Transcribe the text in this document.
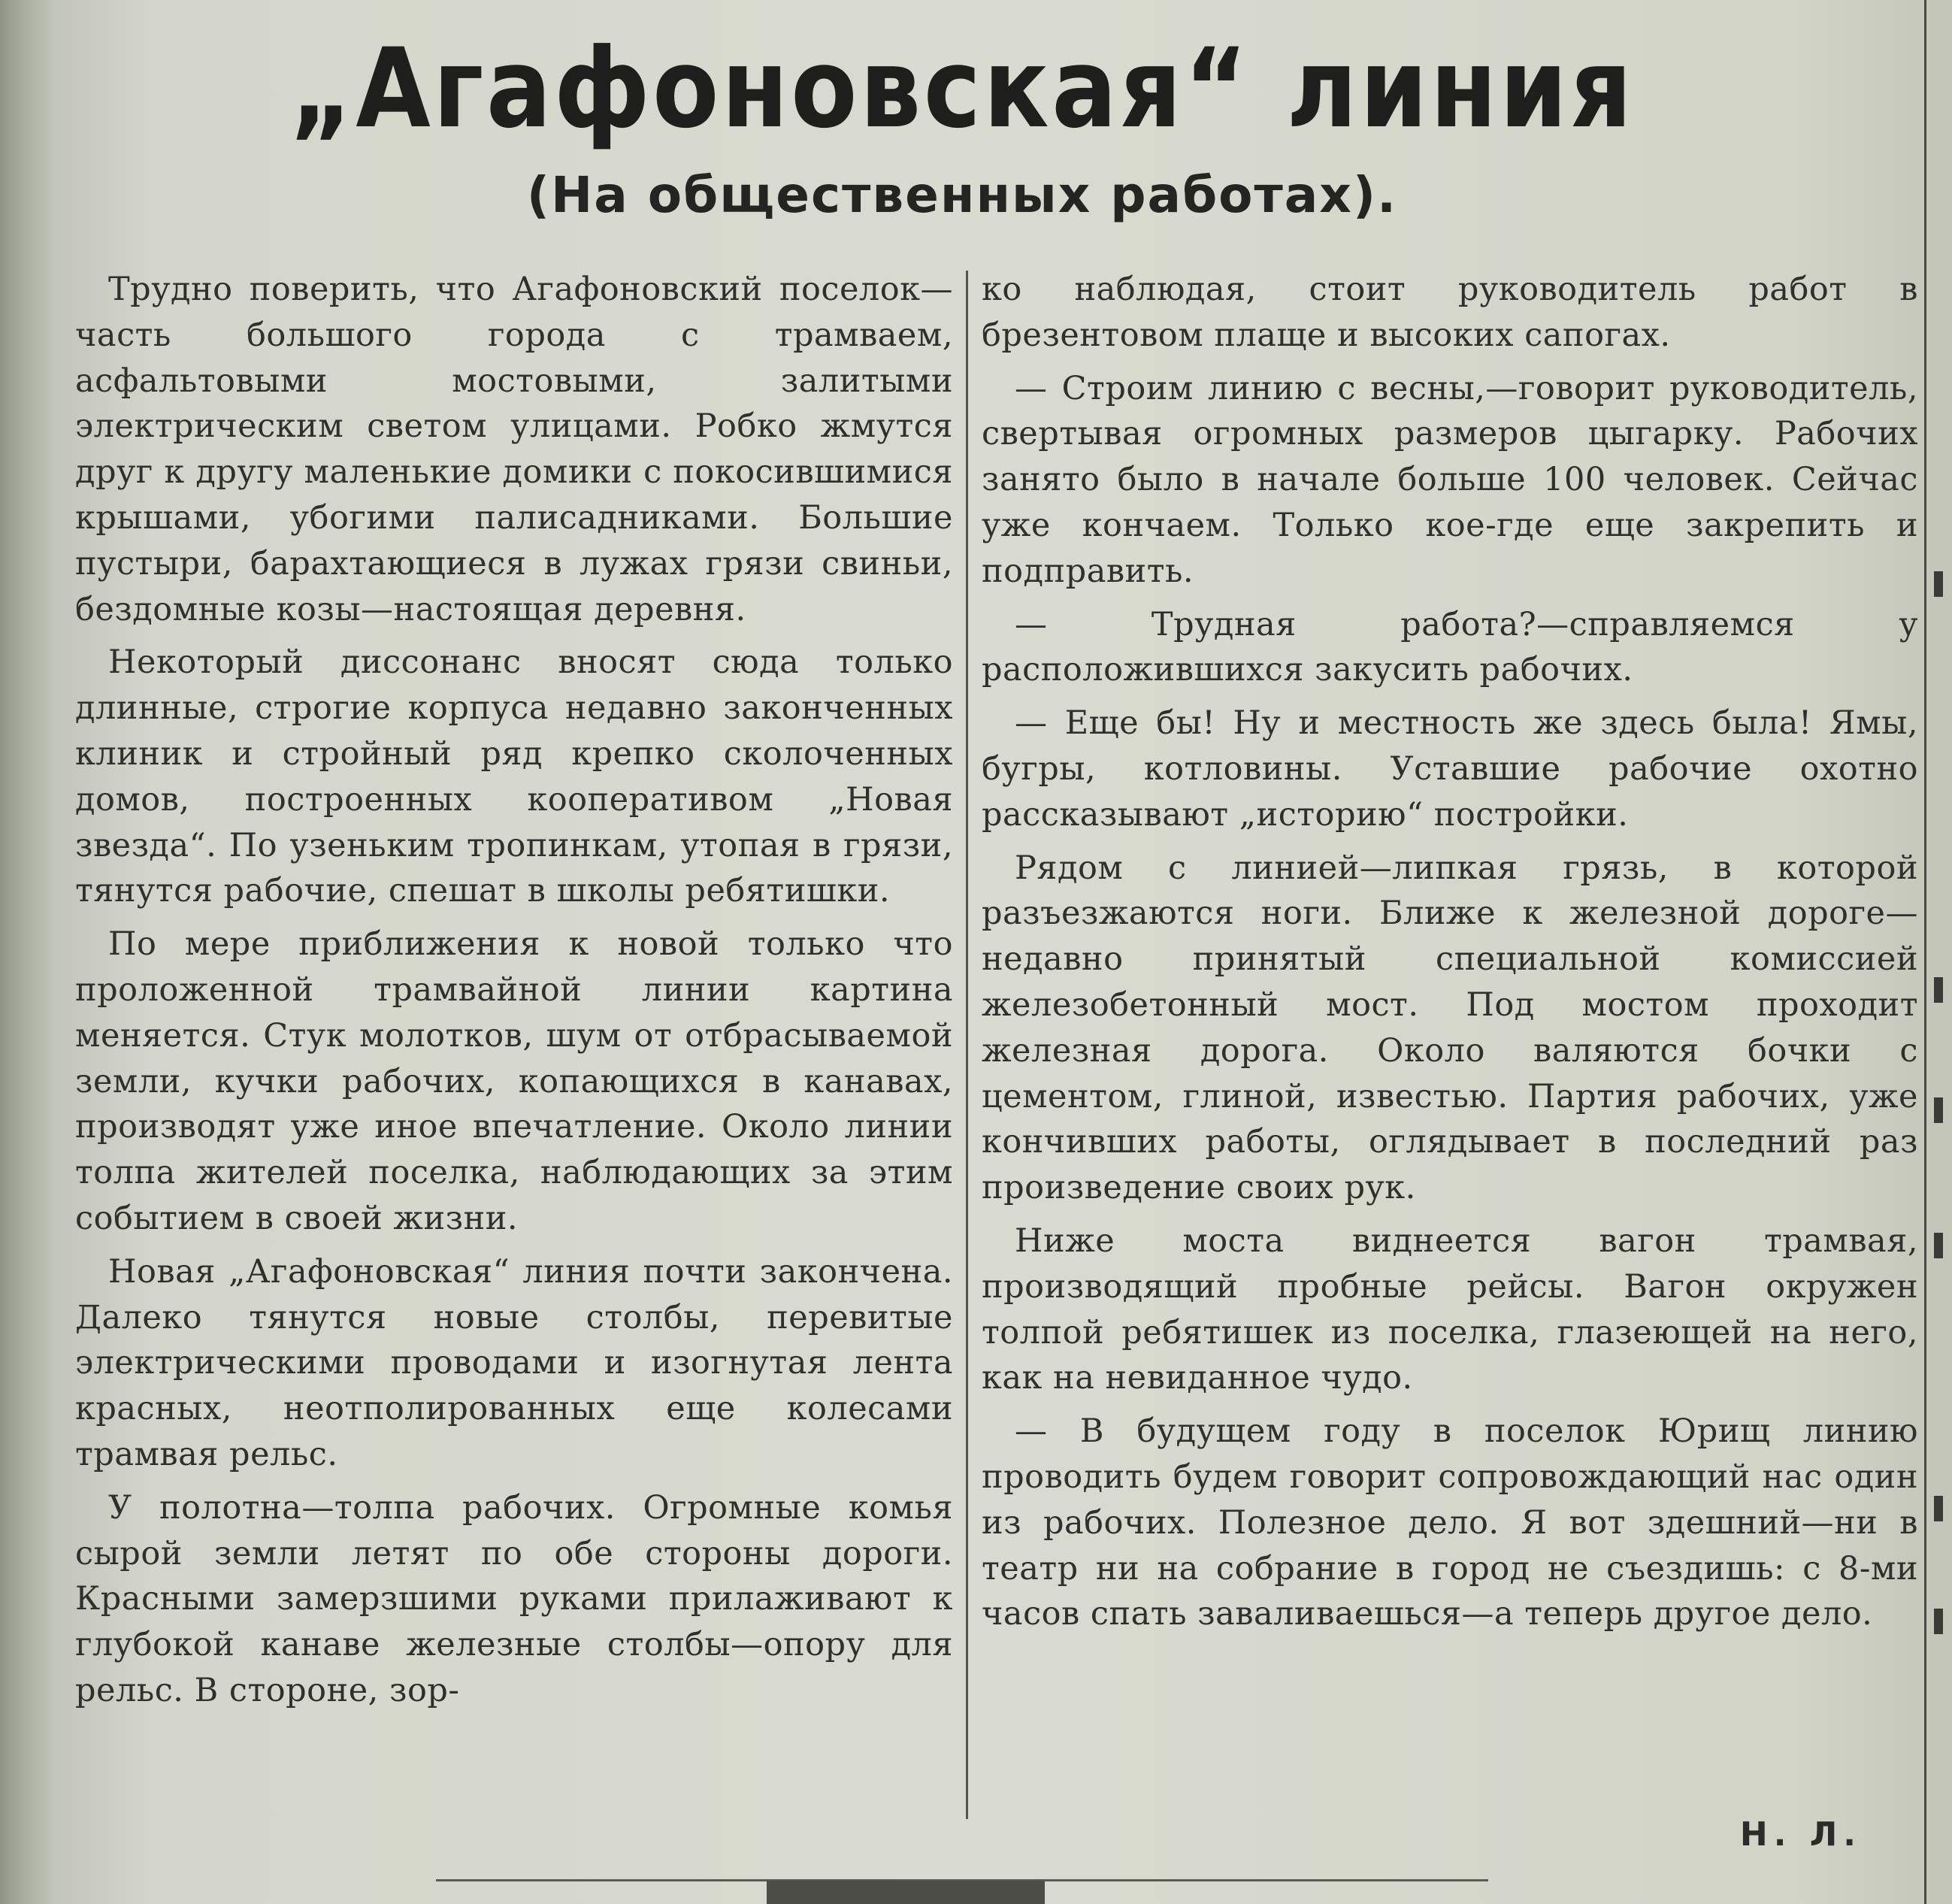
„Агафоновская“ линия
(На общественных работах).

Трудно поверить, что Агафоновский поселок—часть большого города с трамваем, асфальтовыми мостовыми, залитыми электрическим светом улицами. Робко жмутся друг к другу маленькие домики с покосившимися крышами, убогими палисадниками. Большие пустыри, барахтающиеся в лужах грязи свиньи, бездомные козы—настоящая деревня.

Некоторый диссонанс вносят сюда только длинные, строгие корпуса недавно законченных клиник и стройный ряд крепко сколоченных домов, построенных кооперативом „Новая звезда“. По узеньким тропинкам, утопая в грязи, тянутся рабочие, спешат в школы ребятишки.

По мере приближения к новой только что проложенной трамвайной линии картина меняется. Стук молотков, шум от отбрасываемой земли, кучки рабочих, копающихся в канавах, производят уже иное впечатление. Около линии толпа жителей поселка, наблюдающих за этим событием в своей жизни.

Новая „Агафоновская“ линия почти закончена. Далеко тянутся новые столбы, перевитые электрическими проводами и изогнутая лента красных, неотполированных еще колесами трамвая рельс.

У полотна—толпа рабочих. Огромные комья сырой земли летят по обе стороны дороги. Красными замерзшими руками прилаживают к глубокой канаве железные столбы—опору для рельс. В стороне, зор-

ко наблюдая, стоит руководитель работ в брезентовом плаще и высоких сапогах.

— Строим линию с весны,—говорит руководитель, свертывая огромных размеров цыгарку. Рабочих занято было в начале больше 100 человек. Сейчас уже кончаем. Только кое-где еще закрепить и подправить.

— Трудная работа?—справляемся у расположившихся закусить рабочих.

— Еще бы! Ну и местность же здесь была! Ямы, бугры, котловины. Уставшие рабочие охотно рассказывают „историю“ постройки.

Рядом с линией—липкая грязь, в которой разъезжаются ноги. Ближе к железной дороге—недавно принятый специальной комиссией железобетонный мост. Под мостом проходит железная дорога. Около валяются бочки с цементом, глиной, известью. Партия рабочих, уже кончивших работы, оглядывает в последний раз произведение своих рук.

Ниже моста виднеется вагон трамвая, производящий пробные рейсы. Вагон окружен толпой ребятишек из поселка, глазеющей на него, как на невиданное чудо.

— В будущем году в поселок Юрищ линию проводить будем говорит сопровождающий нас один из рабочих. Полезное дело. Я вот здешний—ни в театр ни на собрание в город не съездишь: с 8-ми часов спать заваливаешься—а теперь другое дело.

Н. Л.
